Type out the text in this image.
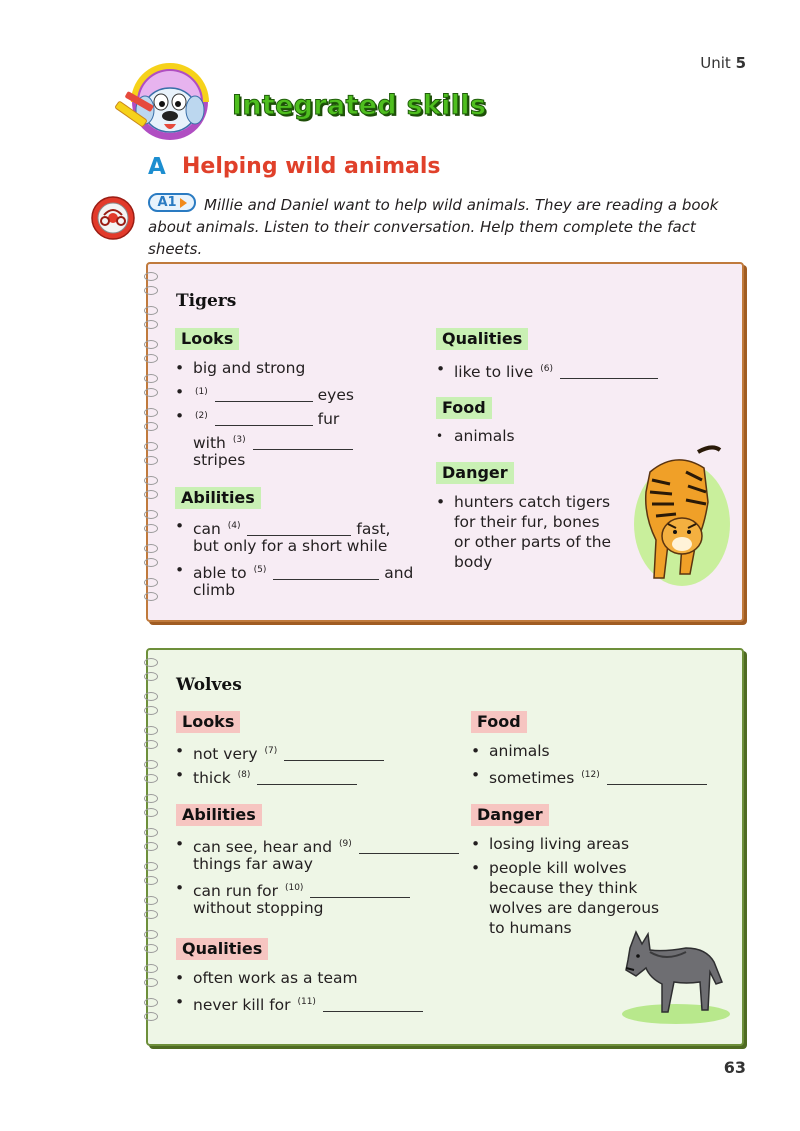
Unit 5
Integrated skills
A Helping wild animals
A1	Millie and Daniel want to help wild animals. They are reading a book about animals. Listen to their conversation. Help them complete the fact sheets.
Tigers
Looks
• big and strong
• $^{(1)}$	eyes
• $^{(2)}$	fur
with $^{(3)}$
stripes
Abilities
• can $^{(4)}$	fast,
but only for a short while
• able to $^{(5)}$	and
climb
Qualities
• like to live $^{(6)}$
Food
• animals
Danger
• hunters catch tigers
for their fur, bones
or other parts of the
body
Wolves
Looks
• not very $^{(7)}$
• thick $^{(8)}$
Abilities
• can see, hear and $^{(9)}$
things far away
• can run for $^{(10)}$
without stopping
Qualities
• often work as a team
• never kill for $^{(11)}$
Food
• animals
• sometimes $^{(12)}$
Danger
• losing living areas
• people kill wolves
because they think
wolves are dangerous
to humans
63
